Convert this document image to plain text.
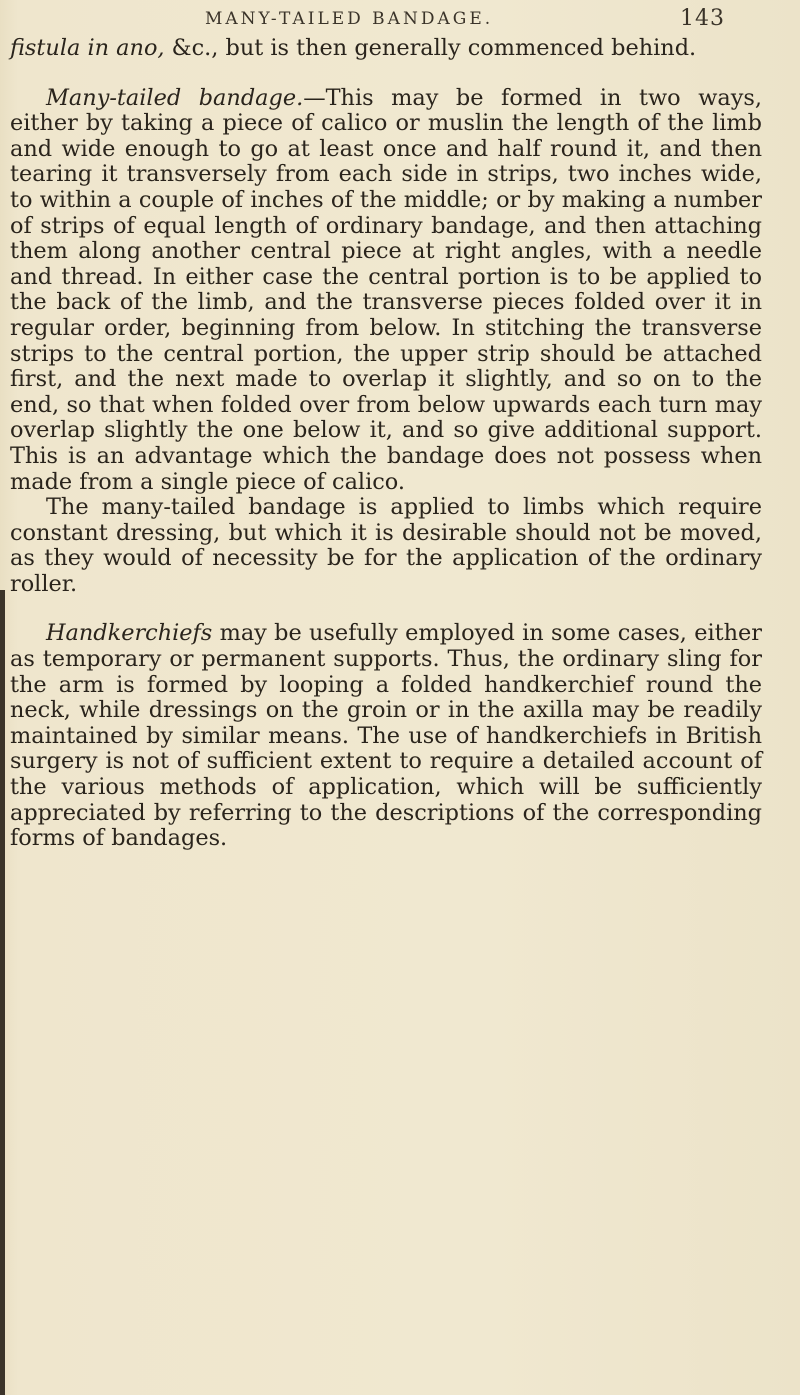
MANY-TAILED BANDAGE.	143

fistula in ano, &c., but is then generally commenced behind.

Many-tailed bandage.—This may be formed in two ways, either by taking a piece of calico or muslin the length of the limb and wide enough to go at least once and half round it, and then tearing it transversely from each side in strips, two inches wide, to within a couple of inches of the middle; or by making a number of strips of equal length of ordinary bandage, and then attaching them along another central piece at right angles, with a needle and thread. In either case the central portion is to be applied to the back of the limb, and the transverse pieces folded over it in regular order, beginning from below. In stitching the transverse strips to the central portion, the upper strip should be attached first, and the next made to overlap it slightly, and so on to the end, so that when folded over from below upwards each turn may overlap slightly the one below it, and so give additional support. This is an advantage which the bandage does not possess when made from a single piece of calico.

The many-tailed bandage is applied to limbs which require constant dressing, but which it is desirable should not be moved, as they would of necessity be for the application of the ordinary roller.

Handkerchiefs may be usefully employed in some cases, either as temporary or permanent supports. Thus, the ordinary sling for the arm is formed by looping a folded handkerchief round the neck, while dressings on the groin or in the axilla may be readily maintained by similar means. The use of handkerchiefs in British surgery is not of sufficient extent to require a detailed account of the various methods of application, which will be sufficiently appreciated by referring to the descriptions of the corresponding forms of bandages.
